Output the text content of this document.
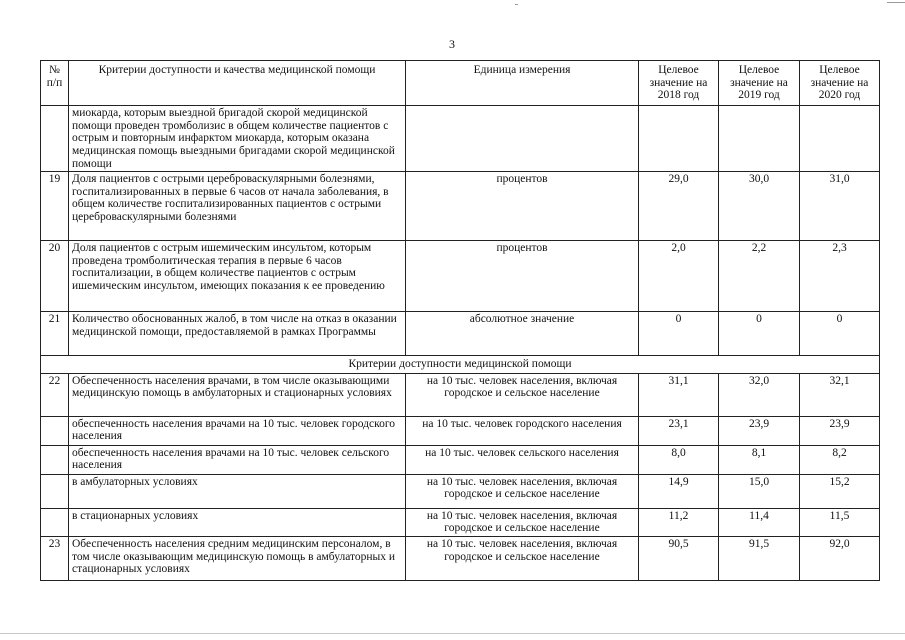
3
№ п/п	Критерии доступности и качества медицинской помощи	Единица измерения	Целевое значение на 2018 год	Целевое значение на 2019 год	Целевое значение на 2020 год
	миокарда, которым выездной бригадой скорой медицинской помощи проведен тромболизис в общем количестве пациентов с острым и повторным инфарктом миокарда, которым оказана медицинская помощь выездными бригадами скорой медицинской помощи				
19	Доля пациентов с острыми цереброваскулярными болезнями, госпитализированных в первые 6 часов от начала заболевания, в общем количестве госпитализированных пациентов с острыми цереброваскулярными болезнями	процентов	29,0	30,0	31,0
20	Доля пациентов с острым ишемическим инсультом, которым проведена тромболитическая терапия в первые 6 часов госпитализации, в общем количестве пациентов с острым ишемическим инсультом, имеющих показания к ее проведению	процентов	2,0	2,2	2,3
21	Количество обоснованных жалоб, в том числе на отказ в оказании медицинской помощи, предоставляемой в рамках Программы	абсолютное значение	0	0	0
Критерии доступности медицинской помощи					
22	Обеспеченность населения врачами, в том числе оказывающими медицинскую помощь в амбулаторных и стационарных условиях	на 10 тыс. человек населения, включая городское и сельское население	31,1	32,0	32,1
	обеспеченность населения врачами на 10 тыс. человек городского населения	на 10 тыс. человек городского населения	23,1	23,9	23,9
	обеспеченность населения врачами на 10 тыс. человек сельского населения	на 10 тыс. человек сельского населения	8,0	8,1	8,2
	в амбулаторных условиях	на 10 тыс. человек населения, включая городское и сельское население	14,9	15,0	15,2
	в стационарных условиях	на 10 тыс. человек населения, включая городское и сельское население	11,2	11,4	11,5
23	Обеспеченность населения средним медицинским персоналом, в том числе оказывающим медицинскую помощь в амбулаторных и стационарных условиях	на 10 тыс. человек населения, включая городское и сельское население	90,5	91,5	92,0
